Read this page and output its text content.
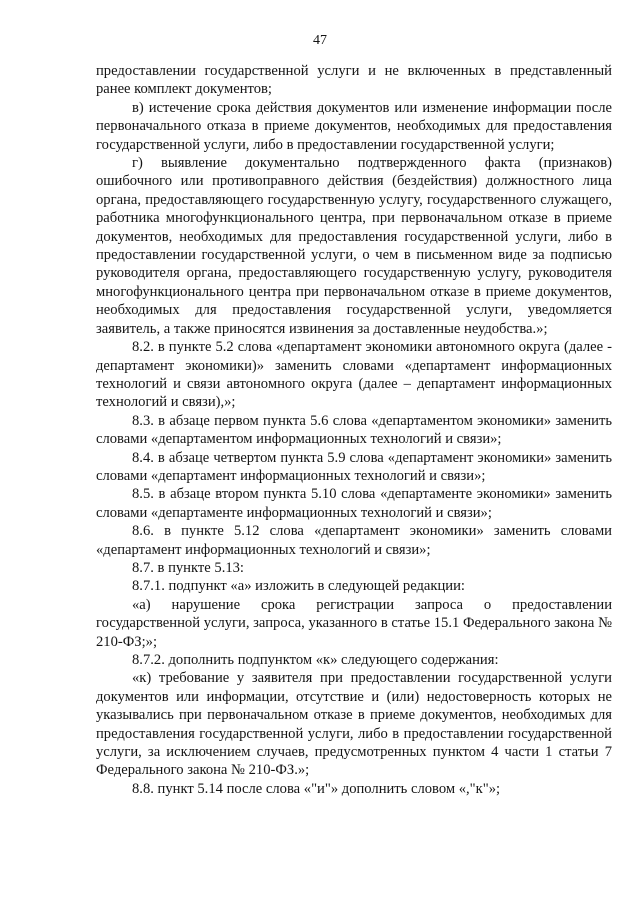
47

предоставлении государственной услуги и не включенных в представленный ранее комплект документов;

в) истечение срока действия документов или изменение информации после первоначального отказа в приеме документов, необходимых для предоставления государственной услуги, либо в предоставлении государственной услуги;

г) выявление документально подтвержденного факта (признаков) ошибочного или противоправного действия (бездействия) должностного лица органа, предоставляющего государственную услугу, государственного служащего, работника многофункционального центра, при первоначальном отказе в приеме документов, необходимых для предоставления государственной услуги, либо в предоставлении государственной услуги, о чем в письменном виде за подписью руководителя органа, предоставляющего государственную услугу, руководителя многофункционального центра при первоначальном отказе в приеме документов, необходимых для предоставления государственной услуги, уведомляется заявитель, а также приносятся извинения за доставленные неудобства.»;

8.2. в пункте 5.2 слова «департамент экономики автономного округа (далее - департамент экономики)» заменить словами «департамент информационных технологий и связи автономного округа (далее – департамент информационных технологий и связи),»;

8.3. в абзаце первом пункта 5.6 слова «департаментом экономики» заменить словами «департаментом информационных технологий и связи»;

8.4. в абзаце четвертом пункта 5.9 слова «департамент экономики» заменить словами «департамент информационных технологий и связи»;

8.5. в абзаце втором пункта 5.10 слова «департаменте экономики» заменить словами «департаменте информационных технологий и связи»;

8.6. в пункте 5.12 слова «департамент экономики» заменить словами «департамент информационных технологий и связи»;

8.7. в пункте 5.13:

8.7.1. подпункт «а» изложить в следующей редакции:

«а) нарушение срока регистрации запроса о предоставлении государственной услуги, запроса, указанного в статье 15.1 Федерального закона № 210-ФЗ;»;

8.7.2. дополнить подпунктом «к» следующего содержания:

«к) требование у заявителя при предоставлении государственной услуги документов или информации, отсутствие и (или) недостоверность которых не указывались при первоначальном отказе в приеме документов, необходимых для предоставления государственной услуги, либо в предоставлении государственной услуги, за исключением случаев, предусмотренных пунктом 4 части 1 статьи 7 Федерального закона № 210-ФЗ.»;

8.8. пункт 5.14 после слова «"и"» дополнить словом «,"к"»;
